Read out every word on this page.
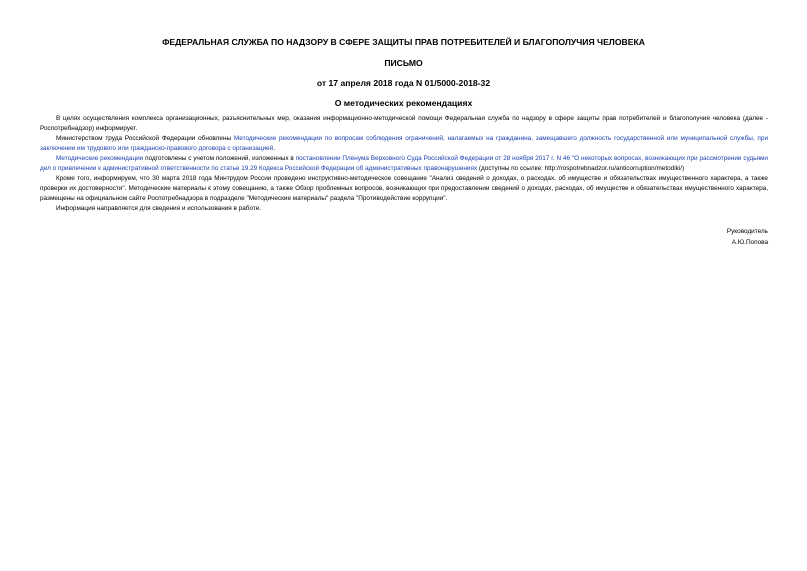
ФЕДЕРАЛЬНАЯ СЛУЖБА ПО НАДЗОРУ В СФЕРЕ ЗАЩИТЫ ПРАВ ПОТРЕБИТЕЛЕЙ И БЛАГОПОЛУЧИЯ ЧЕЛОВЕКА
ПИСЬМО
от 17 апреля 2018 года N 01/5000-2018-32
О методических рекомендациях

В целях осуществления комплекса организационных, разъяснительных мер, оказания информационно-методической помощи Федеральная служба по надзору в сфере защиты прав потребителей и благополучия человека (далее - Роспотребнадзор) информирует.

Министерством труда Российской Федерации обновлены Методические рекомендации по вопросам соблюдения ограничений, налагаемых на гражданина, замещавшего должность государственной или муниципальной службы, при заключении им трудового или гражданско-правового договора с организацией.

Методические рекомендации подготовлены с учетом положений, изложенных в постановлении Пленума Верховного Суда Российской Федерации от 28 ноября 2017 г. N 46 "О некоторых вопросах, возникающих при рассмотрении судьями дел о привлечении к административной ответственности по статье 19.29 Кодекса Российской Федерации об административных правонарушениях (доступны по ссылке: http://rospotrebnadzor.ru/anticorruption/metodiki/)

Кроме того, информируем, что 30 марта 2018 года Минтрудом России проведено инструктивно-методическое совещание "Анализ сведений о доходах, о расходах, об имуществе и обязательствах имущественного характера, а также проверки их достоверности". Методические материалы к этому совещанию, а также Обзор проблемных вопросов, возникающих при предоставлении сведений о доходах, расходах, об имуществе и обязательствах имущественного характера, размещены на официальном сайте Роспотребнадзора в подразделе "Методические материалы" раздела "Противодействие коррупции".

Информация направляется для сведения и использования в работе.

Руководитель
А.Ю.Попова
